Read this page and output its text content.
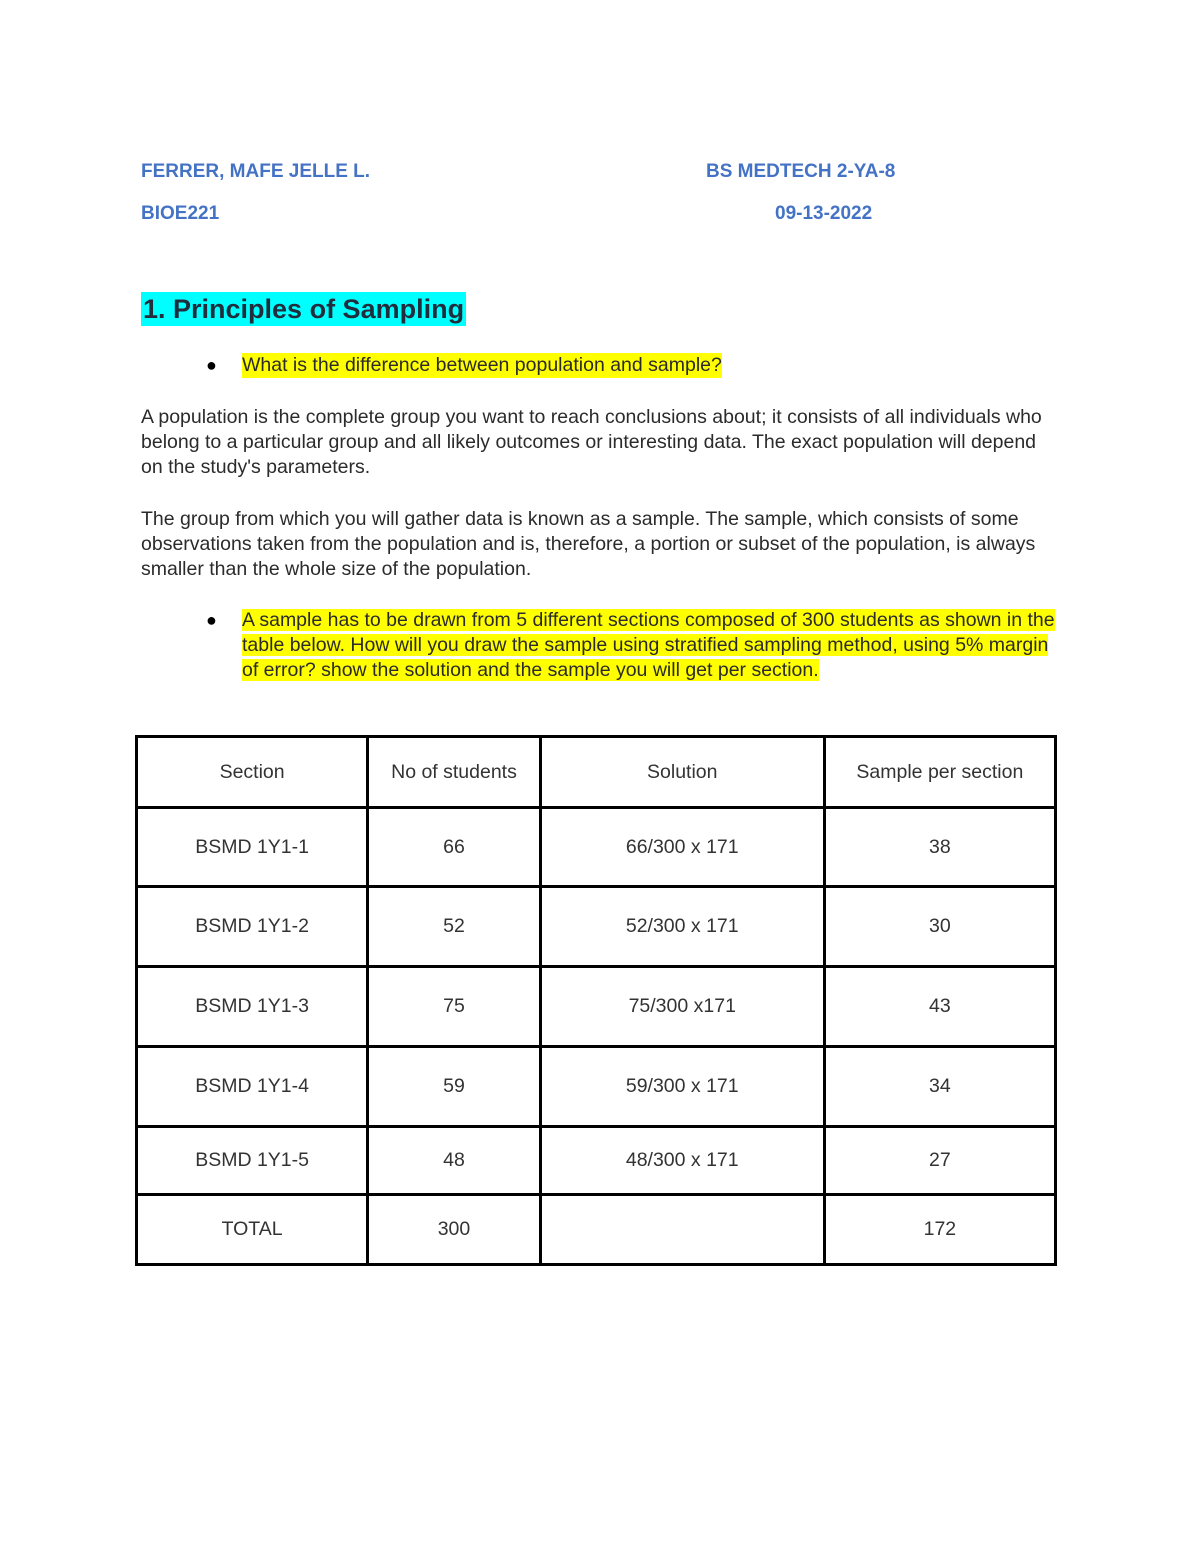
FERRER, MAFE JELLE L.	BS MEDTECH 2-YA-8
BIOE221	09-13-2022
1. Principles of Sampling
●	What is the difference between population and sample?

A population is the complete group you want to reach conclusions about; it consists of all individuals who belong to a particular group and all likely outcomes or interesting data. The exact population will depend on the study's parameters.

The group from which you will gather data is known as a sample. The sample, which consists of some observations taken from the population and is, therefore, a portion or subset of the population, is always smaller than the whole size of the population.

●	A sample has to be drawn from 5 different sections composed of 300 students as shown in the table below. How will you draw the sample using stratified sampling method, using 5% margin of error? show the solution and the sample you will get per section.
Section	No of students	Solution	Sample per section
BSMD 1Y1-1	66	66/300 x 171	38
BSMD 1Y1-2	52	52/300 x 171	30
BSMD 1Y1-3	75	75/300 x171	43
BSMD 1Y1-4	59	59/300 x 171	34
BSMD 1Y1-5	48	48/300 x 171	27
TOTAL	300		172
